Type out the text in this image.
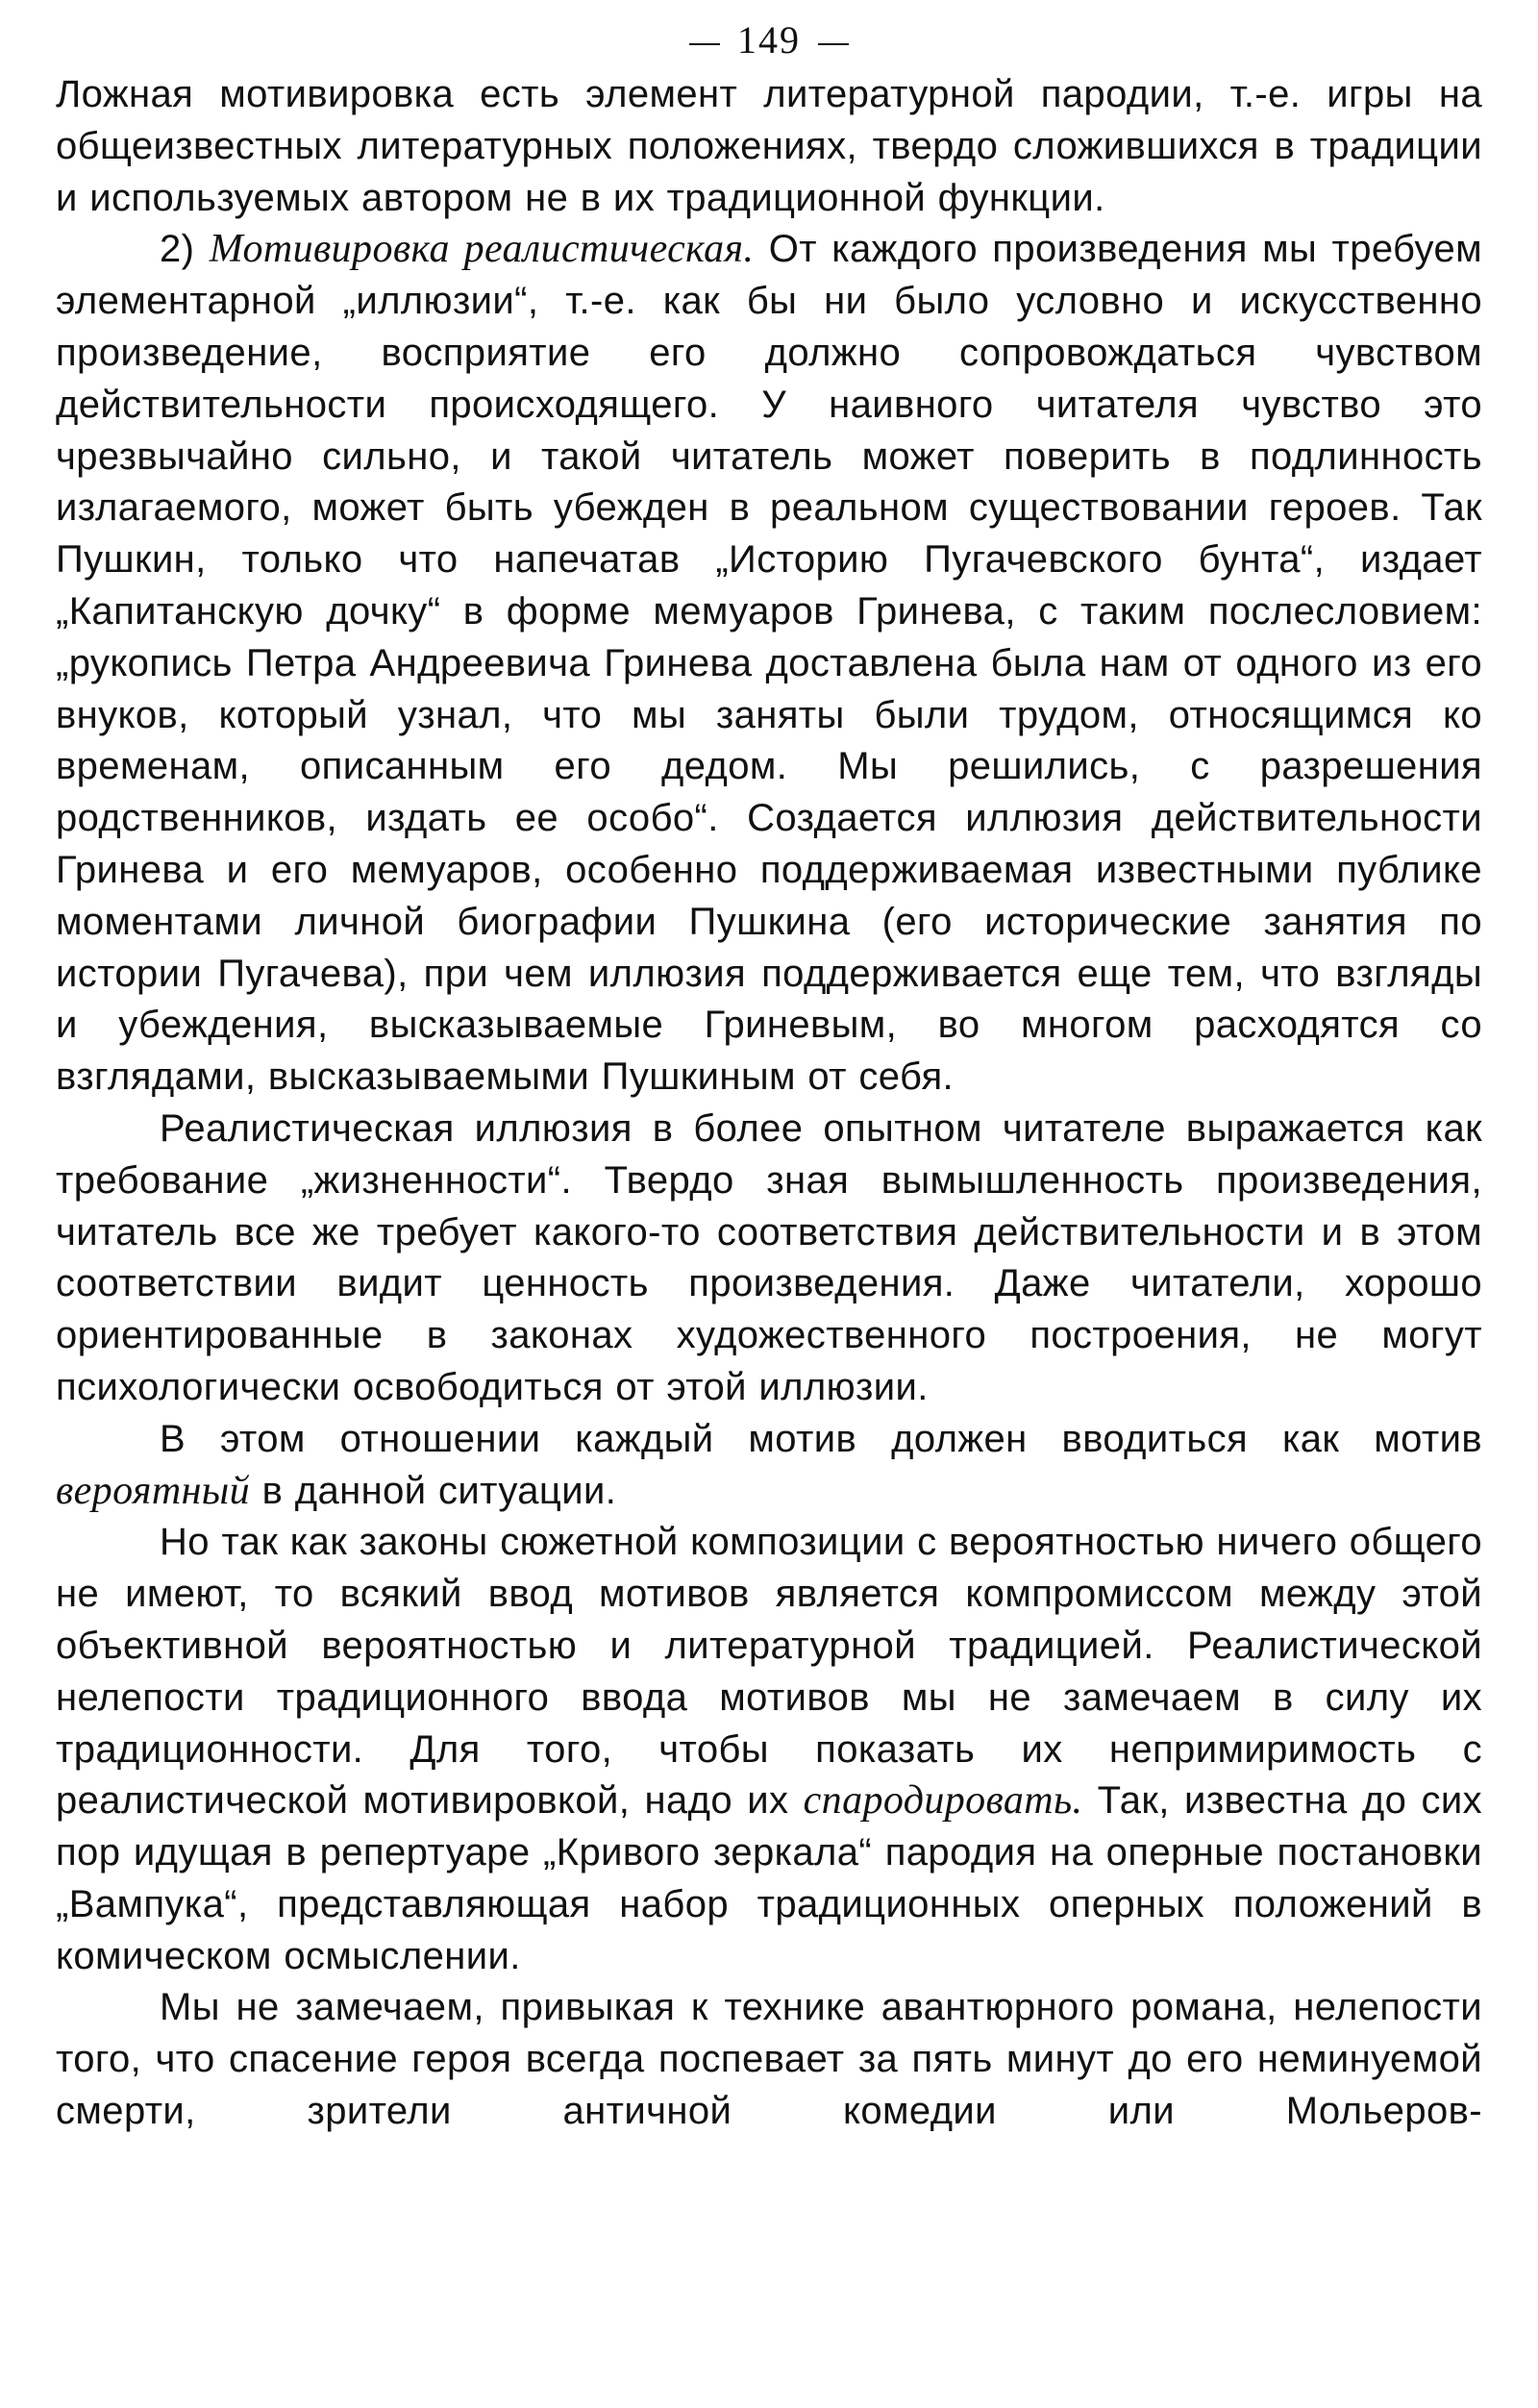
149

Ложная мотивировка есть элемент литературной пародии, т.-е. игры на общеизвестных литературных положениях, твердо сложившихся в традиции и используемых автором не в их традиционной функции.

2) Мотивировка реалистическая. От каждого произведения мы требуем элементарной „иллюзии“, т.-е. как бы ни было условно и искусственно произведение, восприятие его должно сопровождаться чувством действительности происходящего. У наивного читателя чувство это чрезвычайно сильно, и такой читатель может поверить в подлинность излагаемого, может быть убежден в реальном существовании героев. Так Пушкин, только что напечатав „Историю Пугачевского бунта“, издает „Капитанскую дочку“ в форме мемуаров Гринева, с таким послесловием: „рукопись Петра Андреевича Гринева доставлена была нам от одного из его внуков, который узнал, что мы заняты были трудом, относящимся ко временам, описанным его дедом. Мы решились, с разрешения родственников, издать ее особо“. Создается иллюзия действительности Гринева и его мемуаров, особенно поддерживаемая известными публике моментами личной биографии Пушкина (его исторические занятия по истории Пугачева), при чем иллюзия поддерживается еще тем, что взгляды и убеждения, высказываемые Гриневым, во многом расходятся со взглядами, высказываемыми Пушкиным от себя.

Реалистическая иллюзия в более опытном читателе выражается как требование „жизненности“. Твердо зная вымышленность произведения, читатель все же требует какого-то соответствия действительности и в этом соответствии видит ценность произведения. Даже читатели, хорошо ориентированные в законах художественного построения, не могут психологически освободиться от этой иллюзии.

В этом отношении каждый мотив должен вводиться как мотив вероятный в данной ситуации.

Но так как законы сюжетной композиции с вероятностью ничего общего не имеют, то всякий ввод мотивов является компромиссом между этой объективной вероятностью и литературной традицией. Реалистической нелепости традиционного ввода мотивов мы не замечаем в силу их традиционности. Для того, чтобы показать их непримиримость с реалистической мотивировкой, надо их спародировать. Так, известна до сих пор идущая в репертуаре „Кривого зеркала“ пародия на оперные постановки „Вампука“, представляющая набор традиционных оперных положений в комическом осмыслении.

Мы не замечаем, привыкая к технике авантюрного романа, нелепости того, что спасение героя всегда поспевает за пять минут до его неминуемой смерти, зрители античной комедии или Мольеров-
